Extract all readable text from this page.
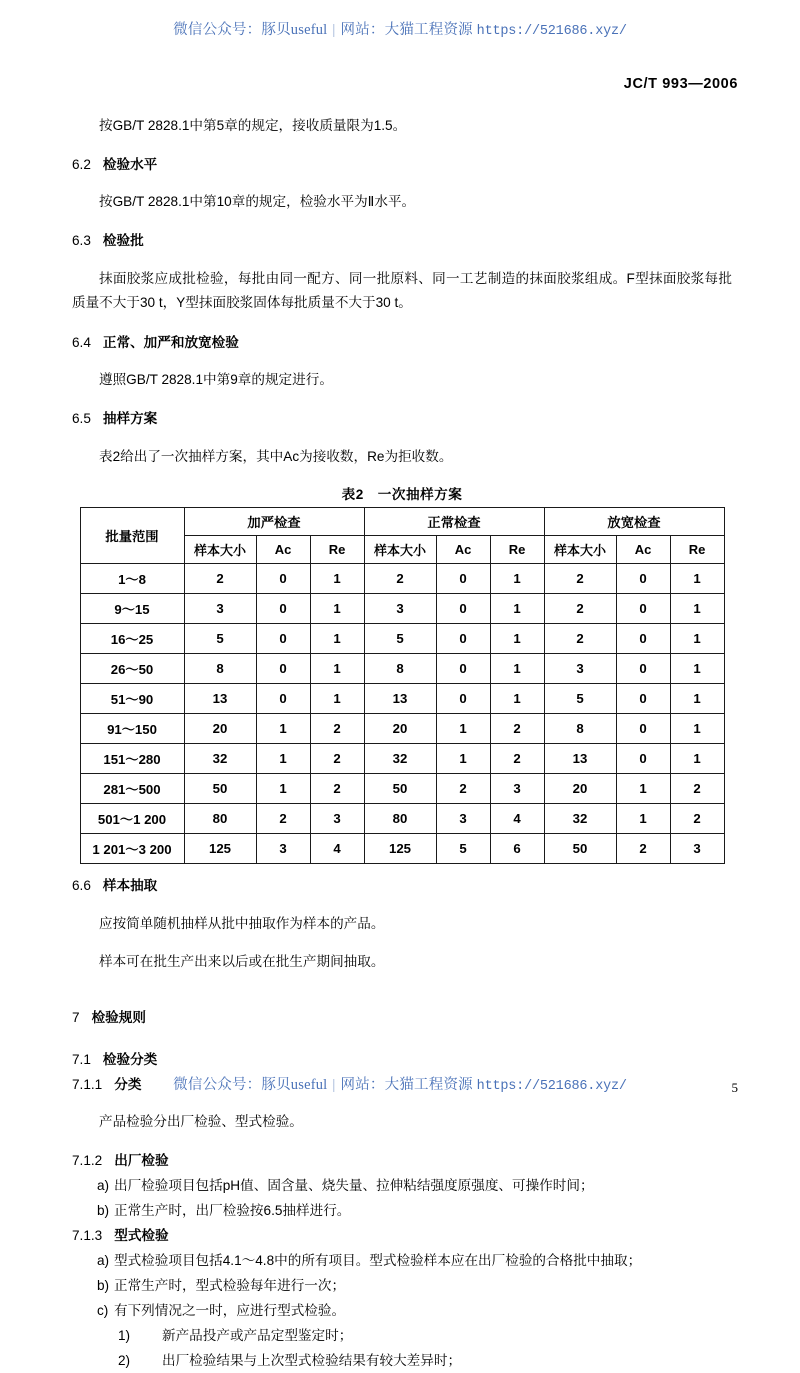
微信公众号：豚贝useful | 网站：大猫工程资源 https://521686.xyz/
JC/T 993—2006

按GB/T 2828.1中第5章的规定，接收质量限为1.5。

6.2 检验水平

按GB/T 2828.1中第10章的规定，检验水平为Ⅱ水平。

6.3 检验批

抹面胶浆应成批检验，每批由同一配方、同一批原料、同一工艺制造的抹面胶浆组成。F型抹面胶浆每批质量不大于30 t，Y型抹面胶浆固体每批质量不大于30 t。

6.4 正常、加严和放宽检验

遵照GB/T 2828.1中第9章的规定进行。

6.5 抽样方案

表2给出了一次抽样方案，其中Ac为接收数，Re为拒收数。

表2 一次抽样方案
批量范围	加严检查			正常检查			放宽检查		
	样本大小	Ac	Re	样本大小	Ac	Re	样本大小	Ac	Re
1～8	2	0	1	2	0	1	2	0	1
9～15	3	0	1	3	0	1	2	0	1
16～25	5	0	1	5	0	1	2	0	1
26～50	8	0	1	8	0	1	3	0	1
51～90	13	0	1	13	0	1	5	0	1
91～150	20	1	2	20	1	2	8	0	1
151～280	32	1	2	32	1	2	13	0	1
281～500	50	1	2	50	2	3	20	1	2
501～1 200	80	2	3	80	3	4	32	1	2
1 201～3 200	125	3	4	125	5	6	50	2	3
6.6 样本抽取

应按简单随机抽样从批中抽取作为样本的产品。

样本可在批生产出来以后或在批生产期间抽取。

7 检验规则
7.1 检验分类
7.1.1 分类

产品检验分出厂检验、型式检验。

7.1.2 出厂检验
a) 出厂检验项目包括pH值、固含量、烧失量、拉伸粘结强度原强度、可操作时间；
b) 正常生产时，出厂检验按6.5抽样进行。
7.1.3 型式检验
a) 型式检验项目包括4.1～4.8中的所有项目。型式检验样本应在出厂检验的合格批中抽取；
b) 正常生产时，型式检验每年进行一次；
c) 有下列情况之一时，应进行型式检验。
1)	新产品投产或产品定型鉴定时；
2)	出厂检验结果与上次型式检验结果有较大差异时；
微信公众号：豚贝useful | 网站：大猫工程资源 https://521686.xyz/	5
